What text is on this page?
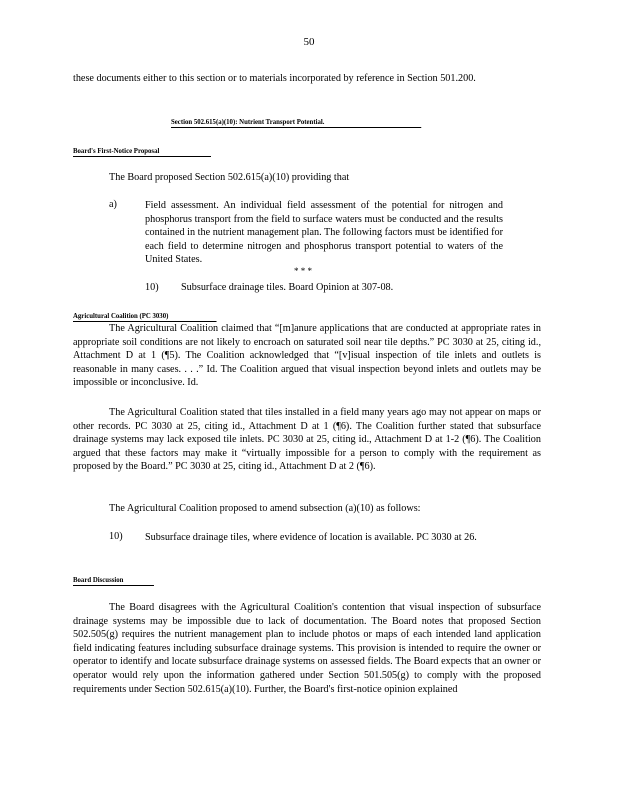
50
these documents either to this section or to materials incorporated by reference in Section 501.200.
Section 502.615(a)(10): Nutrient Transport Potential.
Board's First-Notice Proposal
The Board proposed Section 502.615(a)(10) providing that
a)	Field assessment. An individual field assessment of the potential for nitrogen and phosphorus transport from the field to surface waters must be conducted and the results contained in the nutrient management plan. The following factors must be identified for each field to determine nitrogen and phosphorus transport potential to waters of the United States.
* * *
10) Subsurface drainage tiles. Board Opinion at 307-08.
Agricultural Coalition (PC 3030)
The Agricultural Coalition claimed that “[m]anure applications that are conducted at appropriate rates in appropriate soil conditions are not likely to encroach on saturated soil near tile depths.” PC 3030 at 25, citing id., Attachment D at 1 (¶5). The Coalition acknowledged that “[v]isual inspection of tile inlets and outlets is reasonable in many cases. . . .” Id. The Coalition argued that visual inspection beyond inlets and outlets may be impossible or inconclusive. Id.
The Agricultural Coalition stated that tiles installed in a field many years ago may not appear on maps or other records. PC 3030 at 25, citing id., Attachment D at 1 (¶6). The Coalition further stated that subsurface drainage systems may lack exposed tile inlets. PC 3030 at 25, citing id., Attachment D at 1-2 (¶6). The Coalition argued that these factors may make it “virtually impossible for a person to comply with the requirement as proposed by the Board.” PC 3030 at 25, citing id., Attachment D at 2 (¶6).
The Agricultural Coalition proposed to amend subsection (a)(10) as follows:
10) Subsurface drainage tiles, where evidence of location is available. PC 3030 at 26.
Board Discussion
The Board disagrees with the Agricultural Coalition's contention that visual inspection of subsurface drainage systems may be impossible due to lack of documentation. The Board notes that proposed Section 502.505(g) requires the nutrient management plan to include photos or maps of each intended land application field indicating features including subsurface drainage systems. This provision is intended to require the owner or operator to identify and locate subsurface drainage systems on assessed fields. The Board expects that an owner or operator would rely upon the information gathered under Section 501.505(g) to comply with the proposed requirements under Section 502.615(a)(10). Further, the Board's first-notice opinion explained
